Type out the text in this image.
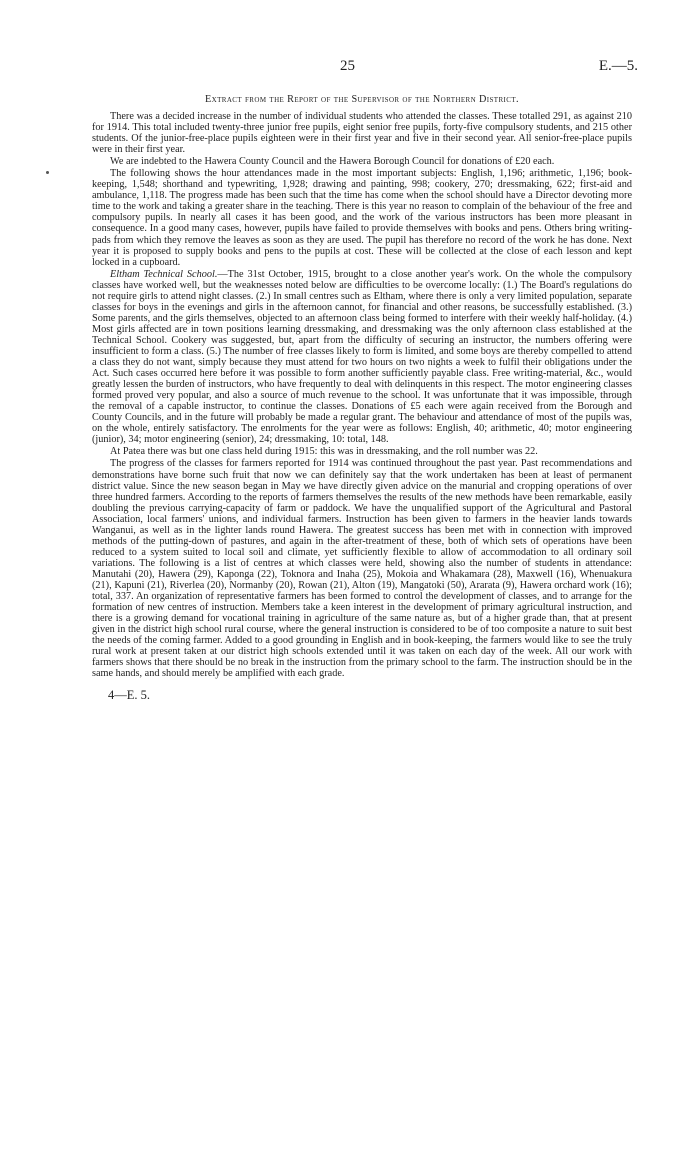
25	E.—5.
Extract from the Report of the Supervisor of the Northern District.

There was a decided increase in the number of individual students who attended the classes. These totalled 291, as against 210 for 1914. This total included twenty-three junior free pupils, eight senior free pupils, forty-five compulsory students, and 215 other students. Of the junior-free-place pupils eighteen were in their first year and five in their second year. All senior-free-place pupils were in their first year.

We are indebted to the Hawera County Council and the Hawera Borough Council for donations of £20 each.

The following shows the hour attendances made in the most important subjects: English, 1,196; arithmetic, 1,196; book-keeping, 1,548; shorthand and typewriting, 1,928; drawing and painting, 998; cookery, 270; dressmaking, 622; first-aid and ambulance, 1,118. The progress made has been such that the time has come when the school should have a Director devoting more time to the work and taking a greater share in the teaching. There is this year no reason to complain of the behaviour of the free and compulsory pupils. In nearly all cases it has been good, and the work of the various instructors has been more pleasant in consequence. In a good many cases, however, pupils have failed to provide themselves with books and pens. Others bring writing-pads from which they remove the leaves as soon as they are used. The pupil has therefore no record of the work he has done. Next year it is proposed to supply books and pens to the pupils at cost. These will be collected at the close of each lesson and kept locked in a cupboard.

Eltham Technical School.—The 31st October, 1915, brought to a close another year's work. On the whole the compulsory classes have worked well, but the weaknesses noted below are difficulties to be overcome locally: (1.) The Board's regulations do not require girls to attend night classes. (2.) In small centres such as Eltham, where there is only a very limited population, separate classes for boys in the evenings and girls in the afternoon cannot, for financial and other reasons, be successfully established. (3.) Some parents, and the girls themselves, objected to an afternoon class being formed to interfere with their weekly half-holiday. (4.) Most girls affected are in town positions learning dressmaking, and dressmaking was the only afternoon class established at the Technical School. Cookery was suggested, but, apart from the difficulty of securing an instructor, the numbers offering were insufficient to form a class. (5.) The number of free classes likely to form is limited, and some boys are thereby compelled to attend a class they do not want, simply because they must attend for two hours on two nights a week to fulfil their obligations under the Act. Such cases occurred here before it was possible to form another sufficiently payable class. Free writing-material, &c., would greatly lessen the burden of instructors, who have frequently to deal with delinquents in this respect. The motor engineering classes formed proved very popular, and also a source of much revenue to the school. It was unfortunate that it was impossible, through the removal of a capable instructor, to continue the classes. Donations of £5 each were again received from the Borough and County Councils, and in the future will probably be made a regular grant. The behaviour and attendance of most of the pupils was, on the whole, entirely satisfactory. The enrolments for the year were as follows: English, 40; arithmetic, 40; motor engineering (junior), 34; motor engineering (senior), 24; dressmaking, 10: total, 148.

At Patea there was but one class held during 1915: this was in dressmaking, and the roll number was 22.

The progress of the classes for farmers reported for 1914 was continued throughout the past year. Past recommendations and demonstrations have borne such fruit that now we can definitely say that the work undertaken has been at least of permanent district value. Since the new season began in May we have directly given advice on the manurial and cropping operations of over three hundred farmers. According to the reports of farmers themselves the results of the new methods have been remarkable, easily doubling the previous carrying-capacity of farm or paddock. We have the unqualified support of the Agricultural and Pastoral Association, local farmers' unions, and individual farmers. Instruction has been given to farmers in the heavier lands towards Wanganui, as well as in the lighter lands round Hawera. The greatest success has been met with in connection with improved methods of the putting-down of pastures, and again in the after-treatment of these, both of which sets of operations have been reduced to a system suited to local soil and climate, yet sufficiently flexible to allow of accommodation to all ordinary soil variations. The following is a list of centres at which classes were held, showing also the number of students in attendance: Manutahi (20), Hawera (29), Kaponga (22), Toknora and Inaha (25), Mokoia and Whakamara (28), Maxwell (16), Whenuakura (21), Kapuni (21), Riverlea (20), Normanby (20), Rowan (21), Alton (19), Mangatoki (50), Ararata (9), Hawera orchard work (16); total, 337. An organization of representative farmers has been formed to control the development of classes, and to arrange for the formation of new centres of instruction. Members take a keen interest in the development of primary agricultural instruction, and there is a growing demand for vocational training in agriculture of the same nature as, but of a higher grade than, that at present given in the district high school rural course, where the general instruction is considered to be of too composite a nature to suit best the needs of the coming farmer. Added to a good grounding in English and in book-keeping, the farmers would like to see the truly rural work at present taken at our district high schools extended until it was taken on each day of the week. All our work with farmers shows that there should be no break in the instruction from the primary school to the farm. The instruction should be in the same hands, and should merely be amplified with each grade.

4—E. 5.
